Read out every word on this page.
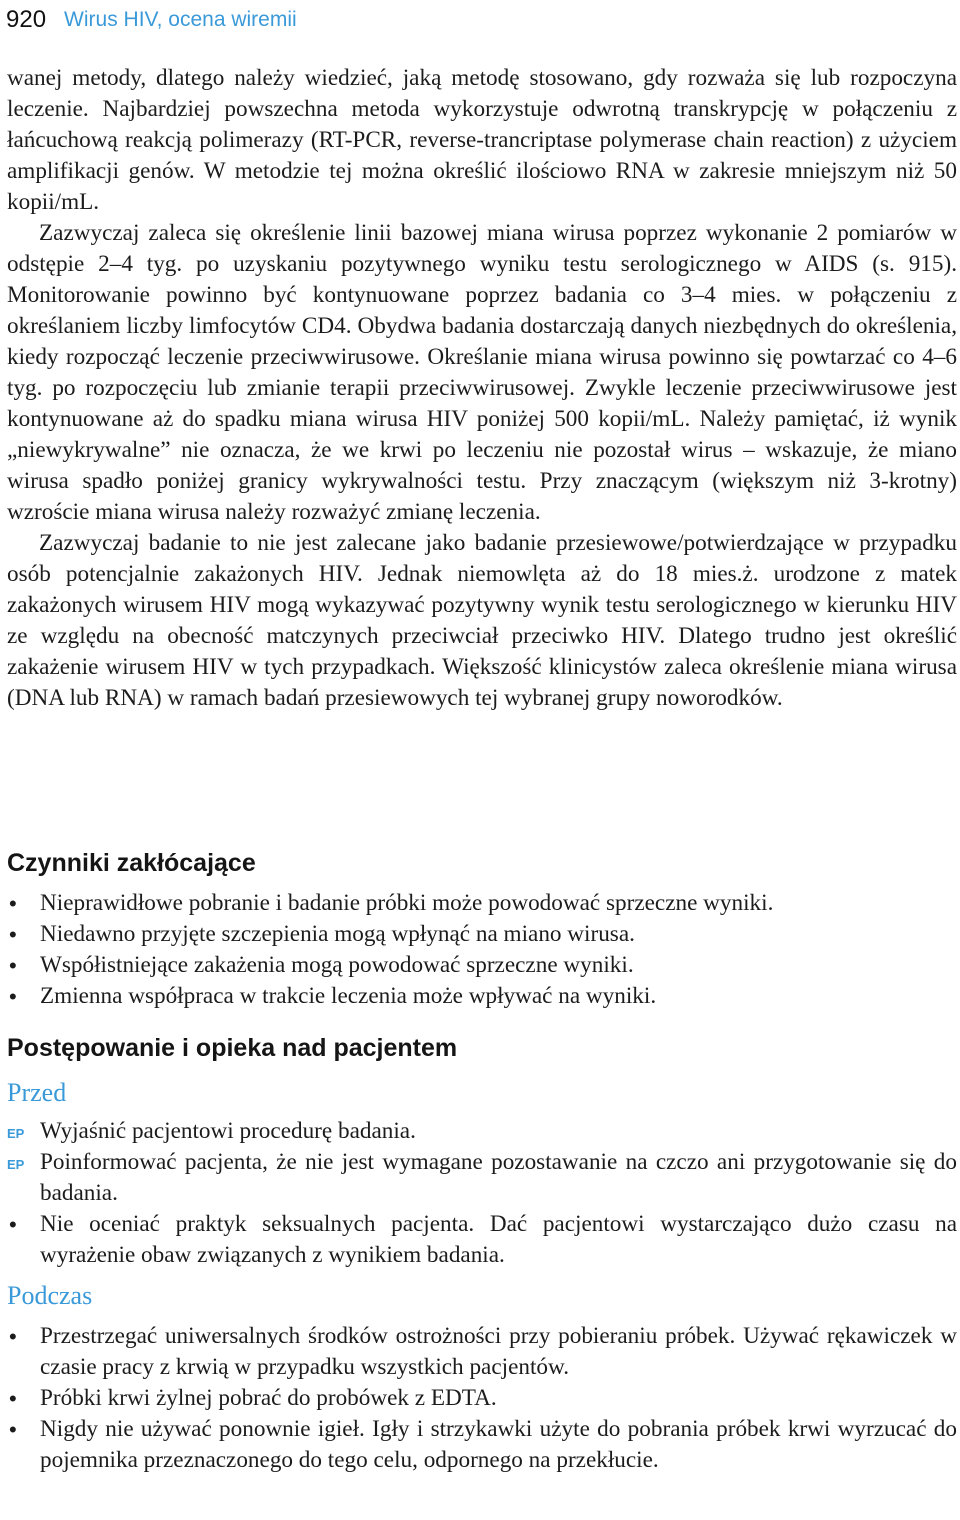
920 Wirus HIV, ocena wiremii

wanej metody, dlatego należy wiedzieć, jaką metodę stosowano, gdy rozważa się lub rozpoczyna leczenie. Najbardziej powszechna metoda wykorzystuje odwrotną transkrypcję w połączeniu z łańcuchową reakcją polimerazy (RT-PCR, reverse-trancriptase polymerase chain reaction) z użyciem amplifikacji genów. W metodzie tej można określić ilościowo RNA w zakresie mniejszym niż 50 kopii/mL.

Zazwyczaj zaleca się określenie linii bazowej miana wirusa poprzez wykonanie 2 pomiarów w odstępie 2–4 tyg. po uzyskaniu pozytywnego wyniku testu serologicznego w AIDS (s. 915). Monitorowanie powinno być kontynuowane poprzez badania co 3–4 mies. w połączeniu z określaniem liczby limfocytów CD4. Obydwa badania dostarczają danych niezbędnych do określenia, kiedy rozpocząć leczenie przeciwwirusowe. Określanie miana wirusa powinno się powtarzać co 4–6 tyg. po rozpoczęciu lub zmianie terapii przeciwwirusowej. Zwykle leczenie przeciwwirusowe jest kontynuowane aż do spadku miana wirusa HIV poniżej 500 kopii/mL. Należy pamiętać, iż wynik „niewykrywalne” nie oznacza, że we krwi po leczeniu nie pozostał wirus – wskazuje, że miano wirusa spadło poniżej granicy wykrywalności testu. Przy znaczącym (większym niż 3-krotny) wzroście miana wirusa należy rozważyć zmianę leczenia.

Zazwyczaj badanie to nie jest zalecane jako badanie przesiewowe/potwierdzające w przypadku osób potencjalnie zakażonych HIV. Jednak niemowlęta aż do 18 mies.ż. urodzone z matek zakażonych wirusem HIV mogą wykazywać pozytywny wynik testu serologicznego w kierunku HIV ze względu na obecność matczynych przeciwciał przeciwko HIV. Dlatego trudno jest określić zakażenie wirusem HIV w tych przypadkach. Większość klinicystów zaleca określenie miana wirusa (DNA lub RNA) w ramach badań przesiewowych tej wybranej grupy noworodków.

Czynniki zakłócające
• Nieprawidłowe pobranie i badanie próbki może powodować sprzeczne wyniki.
• Niedawno przyjęte szczepienia mogą wpłynąć na miano wirusa.
• Współistniejące zakażenia mogą powodować sprzeczne wyniki.
• Zmienna współpraca w trakcie leczenia może wpływać na wyniki.
Postępowanie i opieka nad pacjentem
Przed
EP Wyjaśnić pacjentowi procedurę badania.
EP Poinformować pacjenta, że nie jest wymagane pozostawanie na czczo ani przygotowanie się do badania.
• Nie oceniać praktyk seksualnych pacjenta. Dać pacjentowi wystarczająco dużo czasu na wyrażenie obaw związanych z wynikiem badania.
Podczas
• Przestrzegać uniwersalnych środków ostrożności przy pobieraniu próbek. Używać rękawiczek w czasie pracy z krwią w przypadku wszystkich pacjentów.
• Próbki krwi żylnej pobrać do probówek z EDTA.
• Nigdy nie używać ponownie igieł. Igły i strzykawki użyte do pobrania próbek krwi wyrzucać do pojemnika przeznaczonego do tego celu, odpornego na przekłucie.
